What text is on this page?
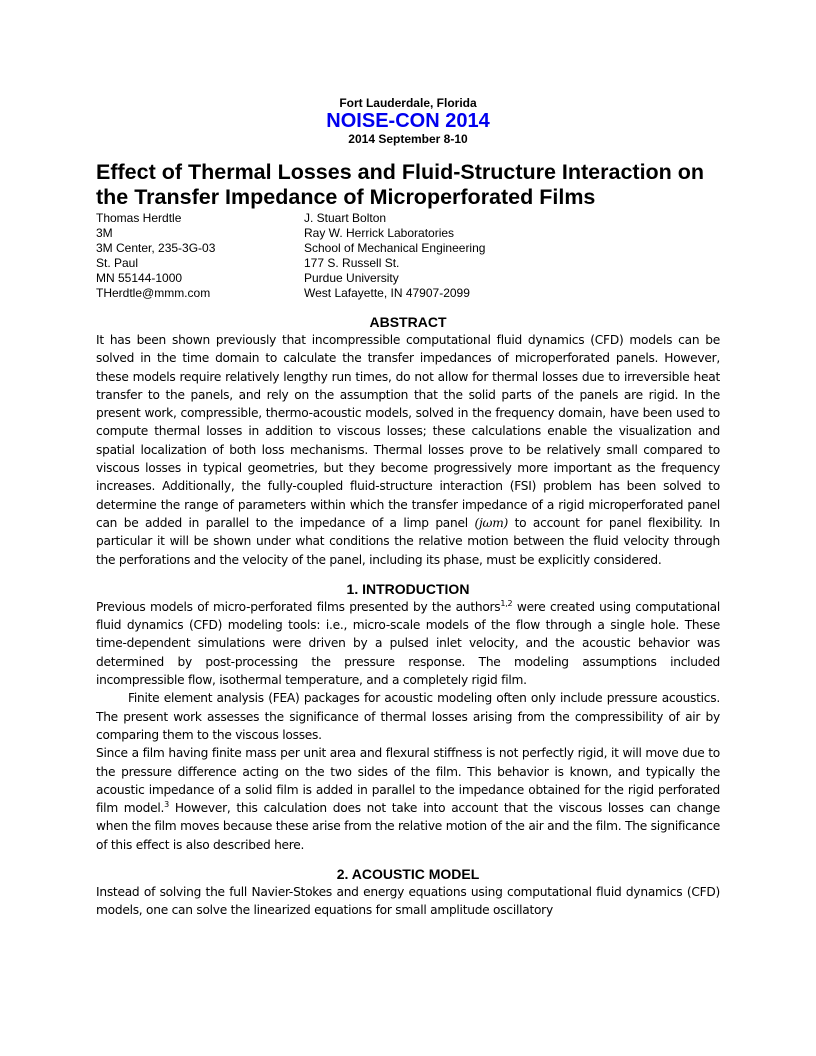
Fort Lauderdale, Florida
NOISE-CON 2014
2014 September 8-10
Effect of Thermal Losses and Fluid-Structure Interaction on the Transfer Impedance of Microperforated Films
Thomas Herdtle
3M
3M Center, 235-3G-03
St. Paul
MN 55144-1000
THerdtle@mmm.com
J. Stuart Bolton
Ray W. Herrick Laboratories
School of Mechanical Engineering
177 S. Russell St.
Purdue University
West Lafayette, IN 47907-2099
ABSTRACT

It has been shown previously that incompressible computational fluid dynamics (CFD) models can be solved in the time domain to calculate the transfer impedances of microperforated panels. However, these models require relatively lengthy run times, do not allow for thermal losses due to irreversible heat transfer to the panels, and rely on the assumption that the solid parts of the panels are rigid. In the present work, compressible, thermo-acoustic models, solved in the frequency domain, have been used to compute thermal losses in addition to viscous losses; these calculations enable the visualization and spatial localization of both loss mechanisms. Thermal losses prove to be relatively small compared to viscous losses in typical geometries, but they become progressively more important as the frequency increases. Additionally, the fully-coupled fluid-structure interaction (FSI) problem has been solved to determine the range of parameters within which the transfer impedance of a rigid microperforated panel can be added in parallel to the impedance of a limp panel (jωm) to account for panel flexibility. In particular it will be shown under what conditions the relative motion between the fluid velocity through the perforations and the velocity of the panel, including its phase, must be explicitly considered.

1. INTRODUCTION

Previous models of micro-perforated films presented by the authors$^{1,2}$ were created using computational fluid dynamics (CFD) modeling tools: i.e., micro-scale models of the flow through a single hole. These time-dependent simulations were driven by a pulsed inlet velocity, and the acoustic behavior was determined by post-processing the pressure response. The modeling assumptions included incompressible flow, isothermal temperature, and a completely rigid film.

Finite element analysis (FEA) packages for acoustic modeling often only include pressure acoustics. The present work assesses the significance of thermal losses arising from the compressibility of air by comparing them to the viscous losses.

Since a film having finite mass per unit area and flexural stiffness is not perfectly rigid, it will move due to the pressure difference acting on the two sides of the film. This behavior is known, and typically the acoustic impedance of a solid film is added in parallel to the impedance obtained for the rigid perforated film model.$^3$ However, this calculation does not take into account that the viscous losses can change when the film moves because these arise from the relative motion of the air and the film. The significance of this effect is also described here.

2. ACOUSTIC MODEL

Instead of solving the full Navier-Stokes and energy equations using computational fluid dynamics (CFD) models, one can solve the linearized equations for small amplitude oscillatory
